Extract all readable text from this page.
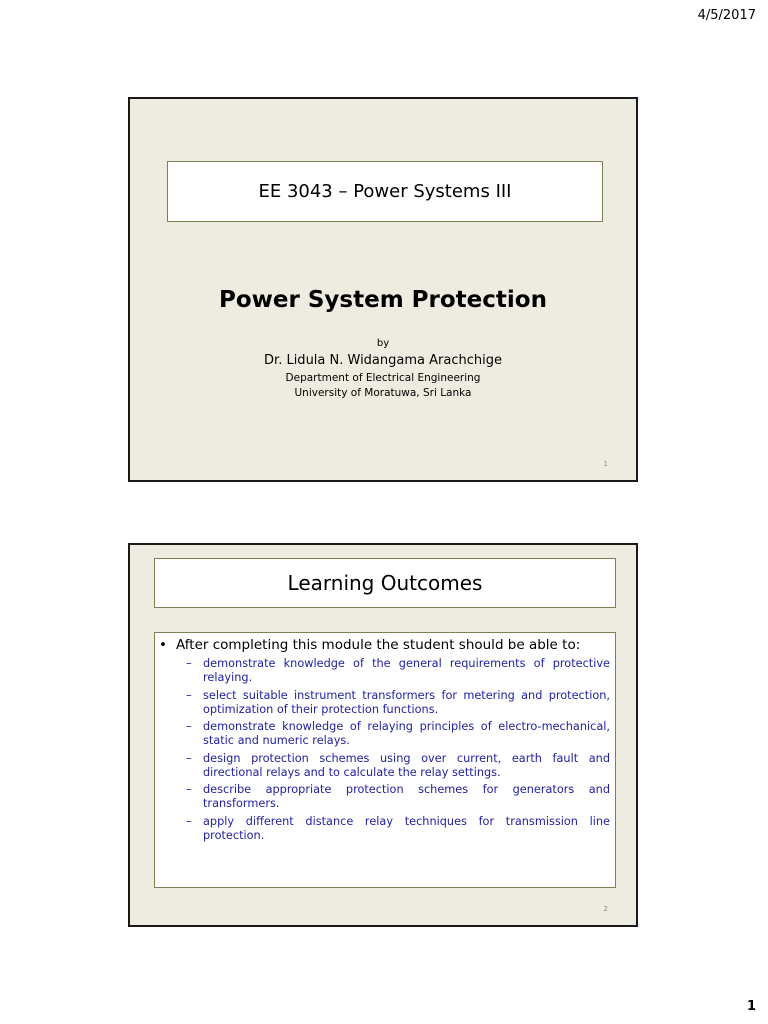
4/5/2017
EE 3043 – Power Systems III
Power System Protection
by
Dr. Lidula N. Widangama Arachchige
Department of Electrical Engineering
University of Moratuwa, Sri Lanka
1
Learning Outcomes

• After completing this module the student should be able to:

– demonstrate knowledge of the general requirements of protective relaying.
– select suitable instrument transformers for metering and protection, optimization of their protection functions.
– demonstrate knowledge of relaying principles of electro-mechanical, static and numeric relays.
– design protection schemes using over current, earth fault and directional relays and to calculate the relay settings.
– describe appropriate protection schemes for generators and transformers.
– apply different distance relay techniques for transmission line protection.
2
1
